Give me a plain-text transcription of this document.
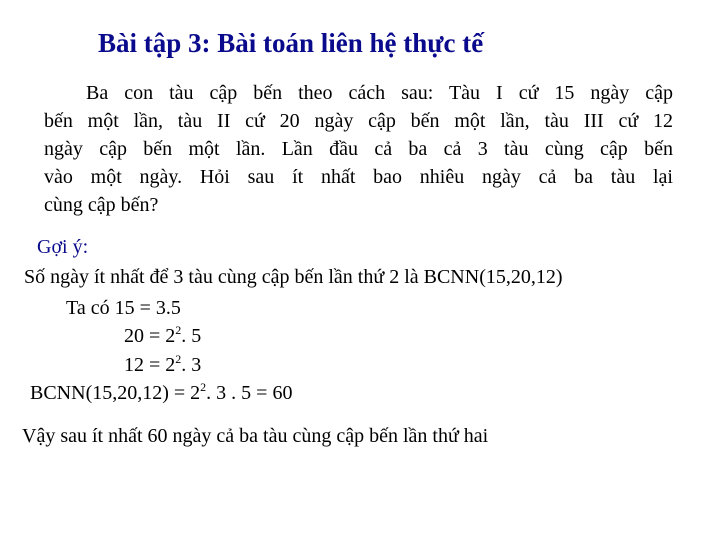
Bài tập 3: Bài toán liên hệ thực tế
Ba con tàu cập bến theo cách sau: Tàu I cứ 15 ngày cập
bến một lần, tàu II cứ 20 ngày cập bến một lần, tàu III cứ 12
ngày cập bến một lần. Lần đầu cả ba cả 3 tàu cùng cập bến
vào một ngày. Hỏi sau ít nhất bao nhiêu ngày cả ba tàu lại
cùng cập bến?
Gợi ý:
Số ngày ít nhất để 3 tàu cùng cập bến lần thứ 2 là BCNN(15,20,12)
Ta có 15 = 3.5
$20 = 2^2$. 5
$12 = 2^2$. 3
BCNN(15,20,12) = $2^2$. 3 . 5 = 60
Vậy sau ít nhất 60 ngày cả ba tàu cùng cập bến lần thứ hai
